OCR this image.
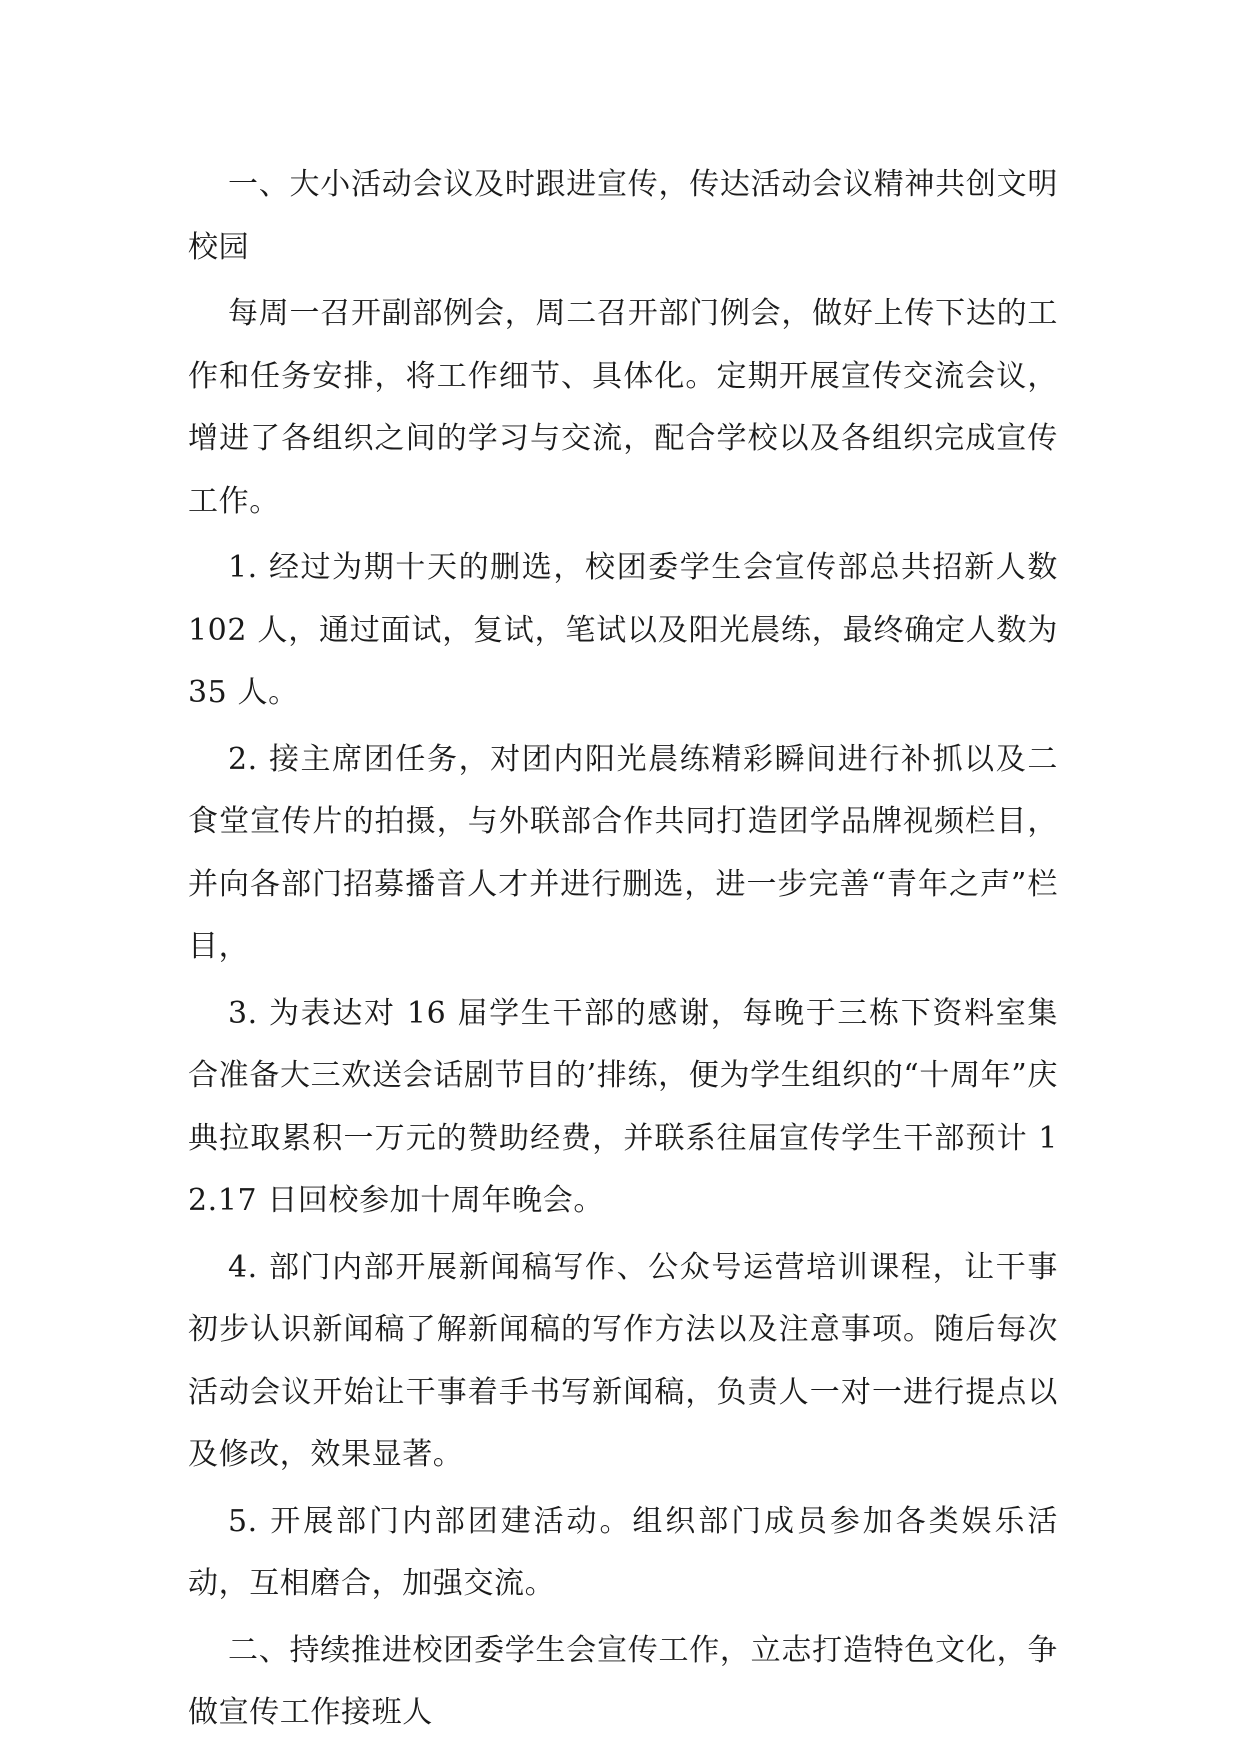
一、大小活动会议及时跟进宣传，传达活动会议精神共创文明校园

每周一召开副部例会，周二召开部门例会，做好上传下达的工作和任务安排，将工作细节、具体化。定期开展宣传交流会议，增进了各组织之间的学习与交流，配合学校以及各组织完成宣传工作。

1. 经过为期十天的删选，校团委学生会宣传部总共招新人数 102 人，通过面试，复试，笔试以及阳光晨练，最终确定人数为 35 人。

2. 接主席团任务，对团内阳光晨练精彩瞬间进行补抓以及二食堂宣传片的拍摄，与外联部合作共同打造团学品牌视频栏目，并向各部门招募播音人才并进行删选，进一步完善“青年之声”栏目，

3. 为表达对 16 届学生干部的感谢，每晚于三栋下资料室集合准备大三欢送会话剧节目的’排练，便为学生组织的“十周年”庆典拉取累积一万元的赞助经费，并联系往届宣传学生干部预计 12.17 日回校参加十周年晚会。

4. 部门内部开展新闻稿写作、公众号运营培训课程，让干事初步认识新闻稿了解新闻稿的写作方法以及注意事项。随后每次活动会议开始让干事着手书写新闻稿，负责人一对一进行提点以及修改，效果显著。

5. 开展部门内部团建活动。组织部门成员参加各类娱乐活动，互相磨合，加强交流。

二、持续推进校团委学生会宣传工作，立志打造特色文化，争做宣传工作接班人
